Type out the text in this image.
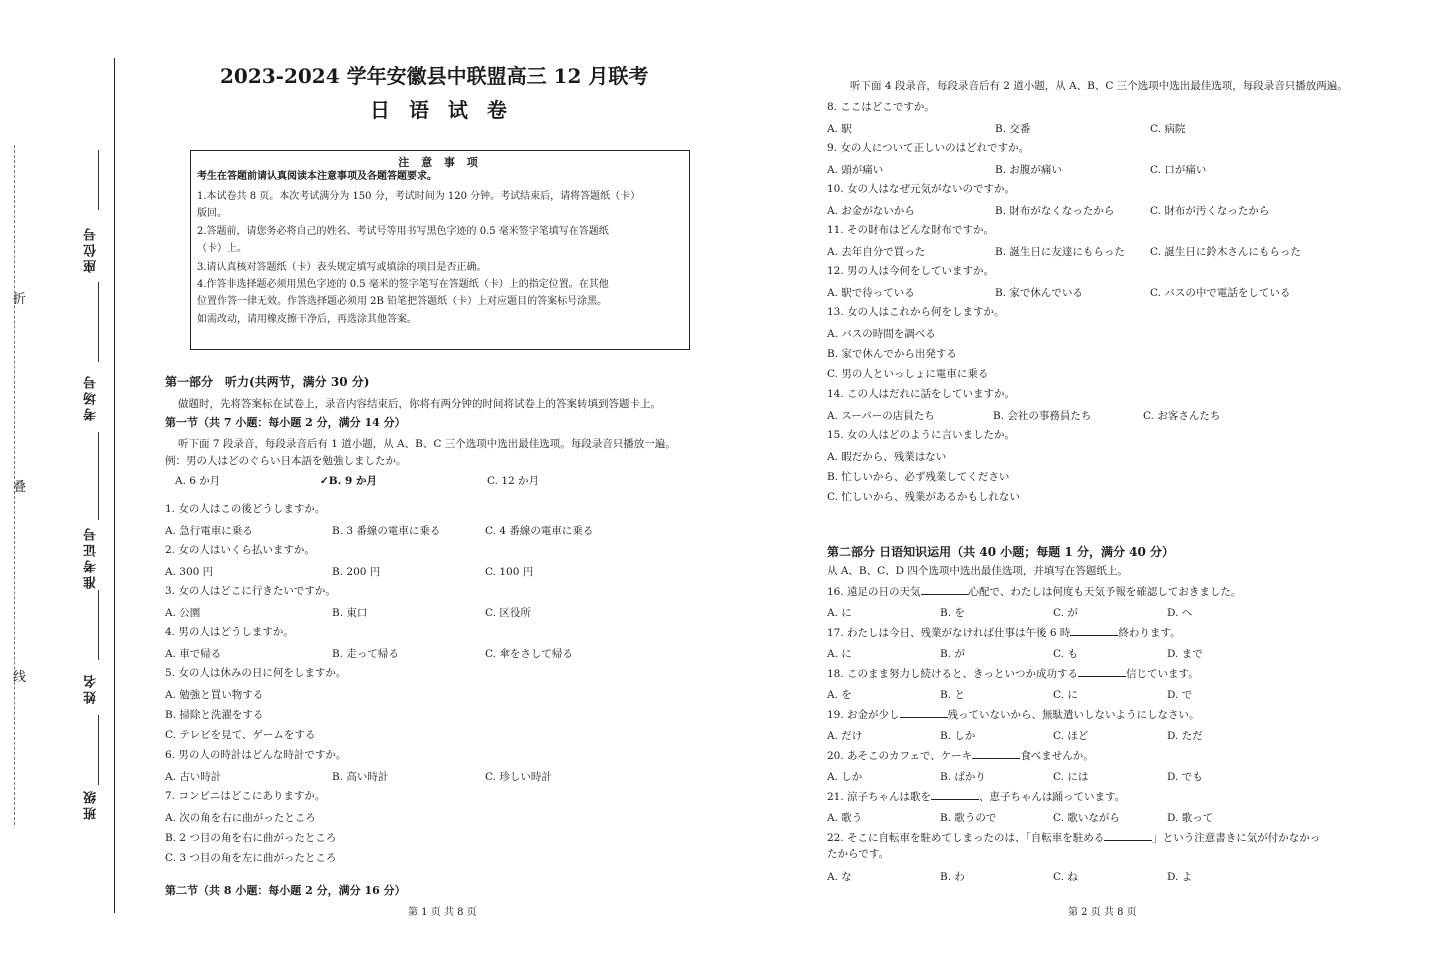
折
叠
线
座位号
考场号
准考证号
姓名
班级
2023-2024 学年安徽县中联盟高三 12 月联考
日 语 试 卷
注 意 事 项
考生在答题前请认真阅读本注意事项及各题答题要求。
1.本试卷共 8 页。本次考试满分为 150 分，考试时间为 120 分钟。考试结束后，请将答题纸（卡）
版回。
2.答题前，请您务必将自己的姓名、考试号等用书写黑色字迹的 0.5 毫米签字笔填写在答题纸
（卡）上。
3.请认真核对答题纸（卡）表头规定填写或填涂的项目是否正确。
4.作答非选择题必须用黑色字迹的 0.5 毫米的签字笔写在答题纸（卡）上的指定位置。在其他
位置作答一律无效。作答选择题必须用 2B 铅笔把答题纸（卡）上对应题目的答案标号涂黑。
如需改动，请用橡皮擦干净后，再选涂其他答案。
第一部分　听力(共两节，满分 30 分)
做题时，先将答案标在试卷上，录音内容结束后，你将有两分钟的时间将试卷上的答案转填到答题卡上。
第一节（共 7 小题：每小题 2 分，满分 14 分）
听下面 7 段录音，每段录音后有 1 道小题，从 A、B、C 三个选项中选出最佳选项。每段录音只播放一遍。
例：男の人はどのぐらい日本語を勉強しましたか。
A. 6 か月	✓B. 9 か月	C. 12 か月
1. 女の人はこの後どうしますか。
A. 急行電車に乗る	B. 3 番線の電車に乗る	C. 4 番線の電車に乗る
2. 女の人はいくら払いますか。
A. 300 円	B. 200 円	C. 100 円
3. 女の人はどこに行きたいですか。
A. 公園	B. 東口	C. 区役所
4. 男の人はどうしますか。
A. 車で帰る	B. 走って帰る	C. 傘をさして帰る
5. 女の人は休みの日に何をしますか。
A. 勉強と買い物する
B. 掃除と洗濯をする
C. テレビを見て、ゲームをする
6. 男の人の時計はどんな時計ですか。
A. 古い時計	B. 高い時計	C. 珍しい時計
7. コンビニはどこにありますか。
A. 次の角を右に曲がったところ
B. 2 つ目の角を右に曲がったところ
C. 3 つ目の角を左に曲がったところ
第二节（共 8 小题：每小题 2 分，满分 16 分）
第 1 页 共 8 页
听下面 4 段录音，每段录音后有 2 道小题，从 A、B、C 三个选项中选出最佳选项，每段录音只播放两遍。
8. ここはどこですか。
A. 駅	B. 交番	C. 病院
9. 女の人について正しいのはどれですか。
A. 頭が痛い	B. お腹が痛い	C. 口が痛い
10. 女の人はなぜ元気がないのですか。
A. お金がないから	B. 財布がなくなったから	C. 財布が汚くなったから
11. その財布はどんな財布ですか。
A. 去年自分で買った	B. 誕生日に友達にもらった C. 誕生日に鈴木さんにもらった
12. 男の人は今何をしていますか。
A. 駅で待っている	B. 家で休んでいる	C. バスの中で電話をしている
13. 女の人はこれから何をしますか。
A. バスの時間を調べる
B. 家で休んでから出発する
C. 男の人といっしょに電車に乗る
14. この人はだれに話をしていますか。
A. スーパーの店員たち	B. 会社の事務員たち	C. お客さんたち
15. 女の人はどのように言いましたか。
A. 暇だから、残業はない
B. 忙しいから、必ず残業してください
C. 忙しいから、残業があるかもしれない
第二部分 日语知识运用（共 40 小题；每题 1 分，满分 40 分）
从 A、B、C、D 四个选项中选出最佳选项，并填写在答题纸上。
16. 遠足の日の天気	心配で、わたしは何度も天気予報を確認しておきました。
A. に	B. を	C. が	D. へ
17. わたしは今日、残業がなければ仕事は午後 6 時	終わります。
A. に	B. が	C. も	D. まで
18. このまま努力し続けると、きっといつか成功する	信じています。
A. を	B. と	C. に	D. で
19. お金が少し	残っていないから、無駄遣いしないようにしなさい。
A. だけ	B. しか	C. ほど	D. ただ
20. あそこのカフェで、ケーキ	食べませんか。
A. しか	B. ばかり	C. には	D. でも
21. 涼子ちゃんは歌を	、恵子ちゃんは踊っています。
A. 歌う	B. 歌うので	C. 歌いながら	D. 歌って
22. そこに自転車を駐めてしまったのは、「自転車を駐める	」という注意書きに気が付かなかっ
たからです。
A. な	B. わ	C. ね	D. よ
第 2 页 共 8 页
